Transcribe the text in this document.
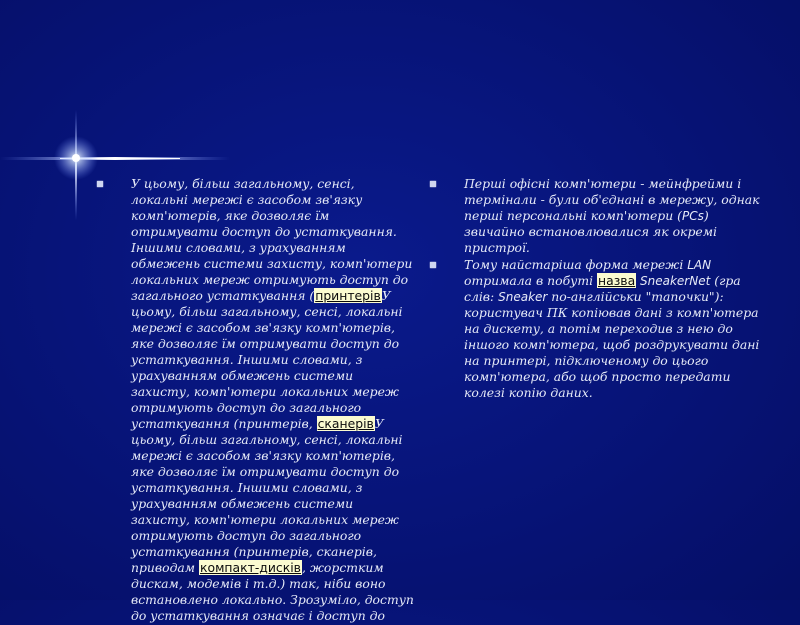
У цьому, більш загальному, сенсі, локальні мережі є засобом зв'язку комп'ютерів, яке дозволяє їм отримувати доступ до устаткування. Іншими словами, з урахуванням обмежень системи захисту, комп'ютери локальних мереж отримують доступ до загального устаткування (принтерівУ цьому, більш загальному, сенсі, локальні мережі є засобом зв'язку комп'ютерів, яке дозволяє їм отримувати доступ до устаткування. Іншими словами, з урахуванням обмежень системи захисту, комп'ютери локальних мереж отримують доступ до загального устаткування (принтерів, сканерівУ цьому, більш загальному, сенсі, локальні мережі є засобом зв'язку комп'ютерів, яке дозволяє їм отримувати доступ до устаткування. Іншими словами, з урахуванням обмежень системи захисту, комп'ютери локальних мереж отримують доступ до загального устаткування (принтерів, сканерів, приводам компакт-дисків, жорстким дискам, модемів і т.д.) так, ніби воно встановлено локально. Зрозуміло, доступ до устаткування означає і доступ до
Перші офісні комп'ютери - мейнфрейми і термінали - були об'єднані в мережу, однак перші персональні комп'ютери (PCs) звичайно встановлювалися як окремі пристрої.
Тому найстаріша форма мережі LAN отримала в побуті назва SneakerNet (гра слів: Sneaker по-англійськи "тапочки"): користувач ПК копіював дані з комп'ютера на дискету, а потім переходив з нею до іншого комп'ютера, щоб роздрукувати дані на принтері, підключеному до цього комп'ютера, або щоб просто передати колезі копію даних.
